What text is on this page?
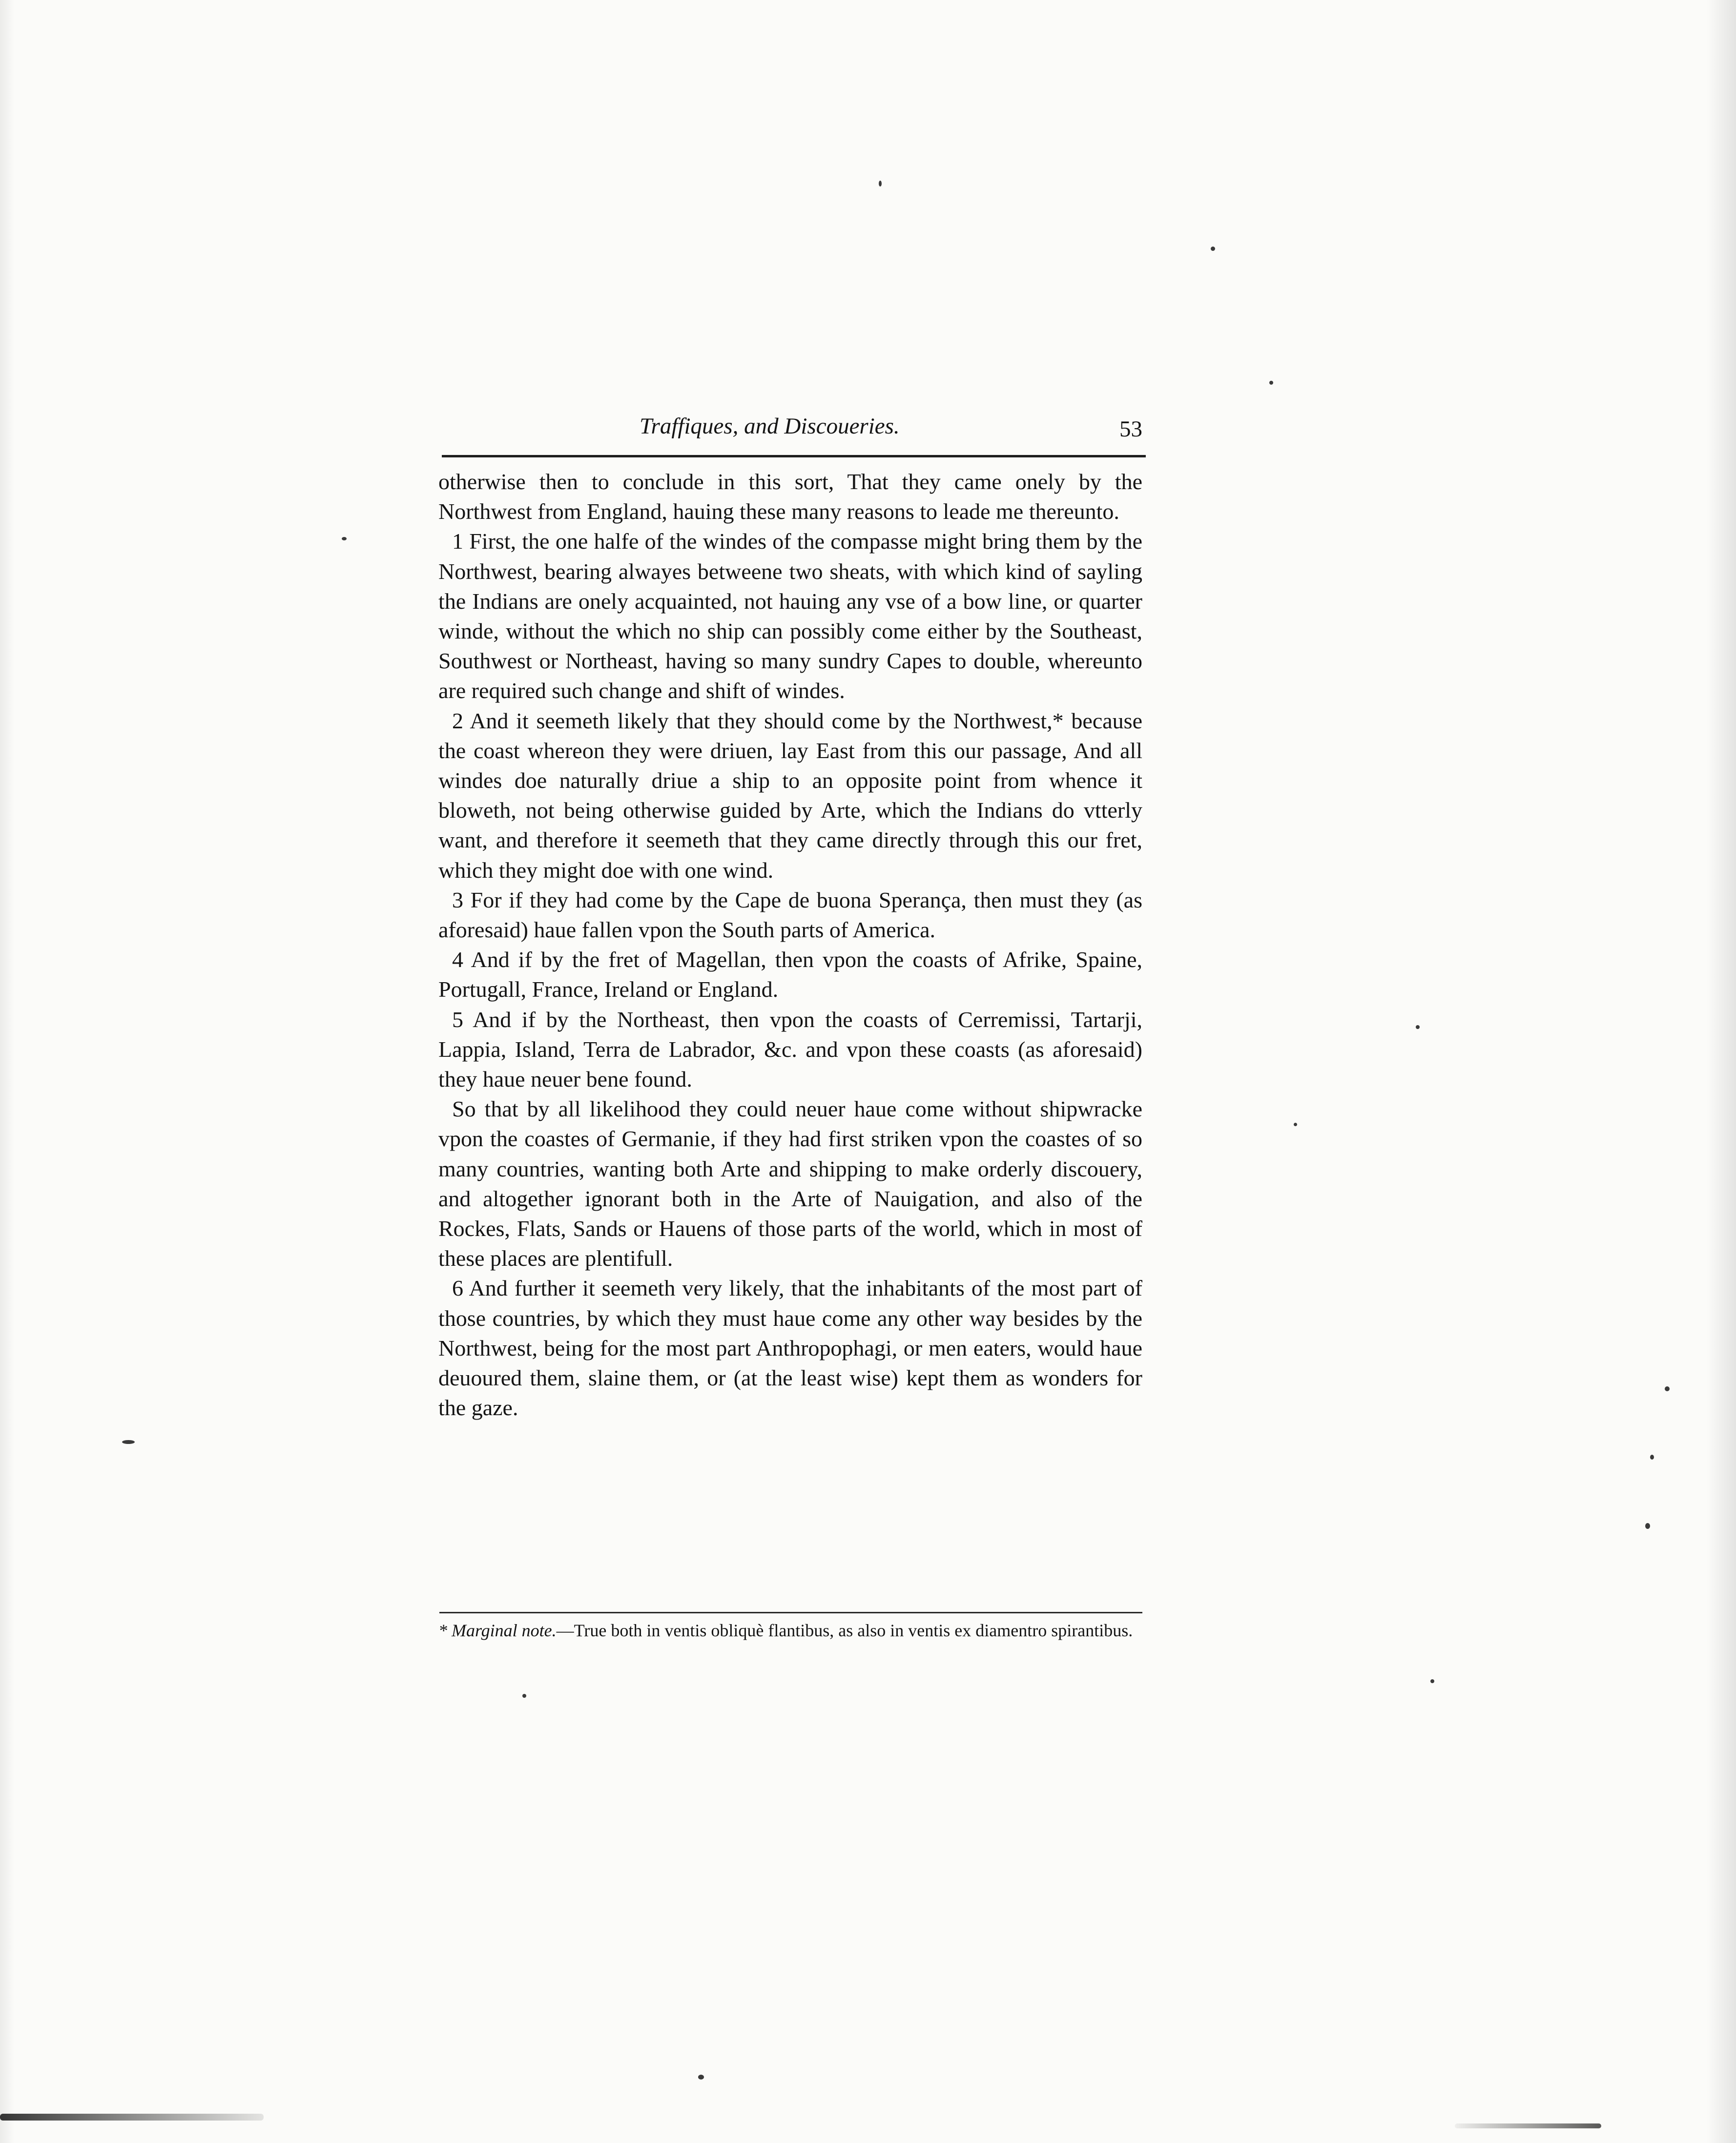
Traffiques, and Discoueries.	53

otherwise then to conclude in this sort, That they came onely by the Northwest from England, hauing these many reasons to leade me thereunto.

1 First, the one halfe of the windes of the compasse might bring them by the Northwest, bearing alwayes betweene two sheats, with which kind of sayling the Indians are onely acquainted, not hauing any vse of a bow line, or quarter winde, without the which no ship can possibly come either by the Southeast, Southwest or Northeast, having so many sundry Capes to double, whereunto are required such change and shift of windes.

2 And it seemeth likely that they should come by the Northwest,* because the coast whereon they were driuen, lay East from this our passage, And all windes doe naturally driue a ship to an opposite point from whence it bloweth, not being otherwise guided by Arte, which the Indians do vtterly want, and therefore it seemeth that they came directly through this our fret, which they might doe with one wind.

3 For if they had come by the Cape de buona Sperança, then must they (as aforesaid) haue fallen vpon the South parts of America.

4 And if by the fret of Magellan, then vpon the coasts of Afrike, Spaine, Portugall, France, Ireland or England.

5 And if by the Northeast, then vpon the coasts of Cerremissi, Tartarji, Lappia, Island, Terra de Labrador, &c. and vpon these coasts (as aforesaid) they haue neuer bene found.

So that by all likelihood they could neuer haue come without shipwracke vpon the coastes of Germanie, if they had first striken vpon the coastes of so many countries, wanting both Arte and shipping to make orderly discouery, and altogether ignorant both in the Arte of Nauigation, and also of the Rockes, Flats, Sands or Hauens of those parts of the world, which in most of these places are plentifull.

6 And further it seemeth very likely, that the inhabitants of the most part of those countries, by which they must haue come any other way besides by the Northwest, being for the most part Anthropophagi, or men eaters, would haue deuoured them, slaine them, or (at the least wise) kept them as wonders for the gaze.

* Marginal note.—True both in ventis obliquè flantibus, as also in ventis ex diamentro spirantibus.
